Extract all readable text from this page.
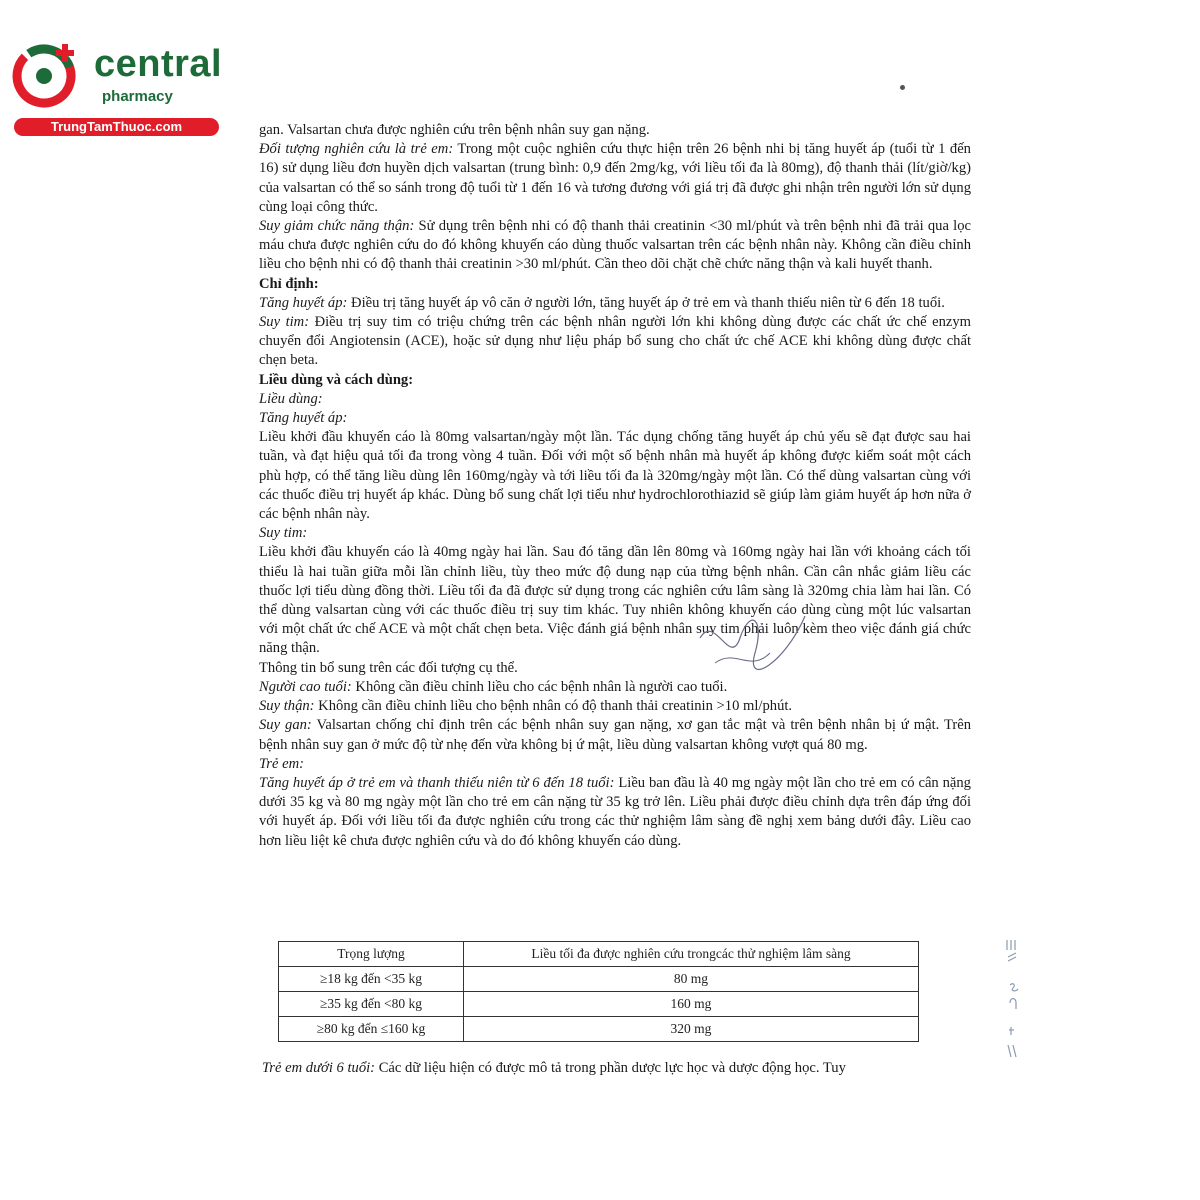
central
pharmacy
TrungTamThuoc.com	gan. Valsartan chưa được nghiên cứu trên bệnh nhân suy gan nặng.

Đối tượng nghiên cứu là trẻ em: Trong một cuộc nghiên cứu thực hiện trên 26 bệnh nhi bị tăng huyết áp (tuổi từ 1 đến 16) sử dụng liều đơn huyền dịch valsartan (trung bình: 0,9 đến 2mg/kg, với liều tối đa là 80mg), độ thanh thải (lít/giờ/kg) của valsartan có thể so sánh trong độ tuổi từ 1 đến 16 và tương đương với giá trị đã được ghi nhận trên người lớn sử dụng cùng loại công thức.

Suy giảm chức năng thận: Sử dụng trên bệnh nhi có độ thanh thải creatinin <30 ml/phút và trên bệnh nhi đã trải qua lọc máu chưa được nghiên cứu do đó không khuyến cáo dùng thuốc valsartan trên các bệnh nhân này. Không cần điều chỉnh liều cho bệnh nhi có độ thanh thải creatinin >30 ml/phút. Cần theo dõi chặt chẽ chức năng thận và kali huyết thanh.

Chỉ định:

Tăng huyết áp: Điều trị tăng huyết áp vô căn ở người lớn, tăng huyết áp ở trẻ em và thanh thiếu niên từ 6 đến 18 tuổi.

Suy tim: Điều trị suy tim có triệu chứng trên các bệnh nhân người lớn khi không dùng được các chất ức chế enzym chuyển đổi Angiotensin (ACE), hoặc sử dụng như liệu pháp bổ sung cho chất ức chế ACE khi không dùng được chất chẹn beta.

Liều dùng và cách dùng:

Liều dùng:

Tăng huyết áp:

Liều khởi đầu khuyến cáo là 80mg valsartan/ngày một lần. Tác dụng chống tăng huyết áp chủ yếu sẽ đạt được sau hai tuần, và đạt hiệu quả tối đa trong vòng 4 tuần. Đối với một số bệnh nhân mà huyết áp không được kiểm soát một cách phù hợp, có thể tăng liều dùng lên 160mg/ngày và tới liều tối đa là 320mg/ngày một lần. Có thể dùng valsartan cùng với các thuốc điều trị huyết áp khác. Dùng bổ sung chất lợi tiểu như hydrochlorothiazid sẽ giúp làm giảm huyết áp hơn nữa ở các bệnh nhân này.

Suy tim:

Liều khởi đầu khuyến cáo là 40mg ngày hai lần. Sau đó tăng dần lên 80mg và 160mg ngày hai lần với khoảng cách tối thiểu là hai tuần giữa mỗi lần chỉnh liều, tùy theo mức độ dung nạp của từng bệnh nhân. Cần cân nhắc giảm liều các thuốc lợi tiểu dùng đồng thời. Liều tối đa đã được sử dụng trong các nghiên cứu lâm sàng là 320mg chia làm hai lần. Có thể dùng valsartan cùng với các thuốc điều trị suy tim khác. Tuy nhiên không khuyến cáo dùng cùng một lúc valsartan với một chất ức chế ACE và một chất chẹn beta. Việc đánh giá bệnh nhân suy tim phải luôn kèm theo việc đánh giá chức năng thận.

Thông tin bổ sung trên các đối tượng cụ thể.

Người cao tuổi: Không cần điều chỉnh liều cho các bệnh nhân là người cao tuổi.

Suy thận: Không cần điều chỉnh liều cho bệnh nhân có độ thanh thải creatinin >10 ml/phút.

Suy gan: Valsartan chống chỉ định trên các bệnh nhân suy gan nặng, xơ gan tắc mật và trên bệnh nhân bị ứ mật. Trên bệnh nhân suy gan ở mức độ từ nhẹ đến vừa không bị ứ mật, liều dùng valsartan không vượt quá 80 mg.

Trẻ em:

Tăng huyết áp ở trẻ em và thanh thiếu niên từ 6 đến 18 tuổi: Liều ban đầu là 40 mg ngày một lần cho trẻ em có cân nặng dưới 35 kg và 80 mg ngày một lần cho trẻ em cân nặng từ 35 kg trở lên. Liều phải được điều chỉnh dựa trên đáp ứng đối với huyết áp. Đối với liều tối đa được nghiên cứu trong các thử nghiệm lâm sàng đề nghị xem bảng dưới đây. Liều cao hơn liều liệt kê chưa được nghiên cứu và do đó không khuyến cáo dùng.

Trọng lượng	Liều tối đa được nghiên cứu trongcác thử nghiệm lâm sàng
≥18 kg đến <35 kg	80 mg
≥35 kg đến <80 kg	160 mg
≥80 kg đến ≤160 kg	320 mg

Trẻ em dưới 6 tuổi: Các dữ liệu hiện có được mô tả trong phần dược lực học và dược động học. Tuy
